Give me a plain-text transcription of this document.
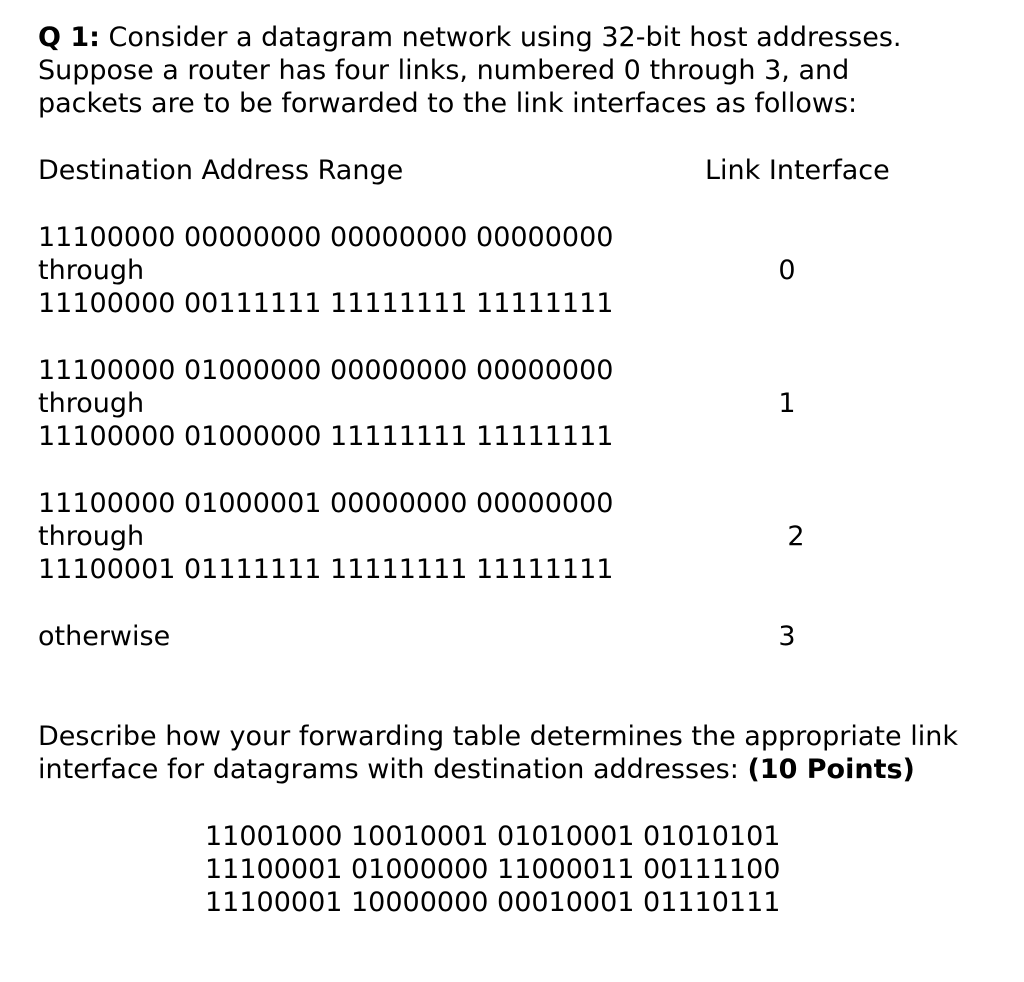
Q 1: Consider a datagram network using 32-bit host addresses.
Suppose a router has four links, numbered 0 through 3, and
packets are to be forwarded to the link interfaces as follows:
Destination Address Range	Link Interface
11100000 00000000 00000000 00000000
through
11100000 00111111 11111111 11111111
0
11100000 01000000 00000000 00000000
through
11100000 01000000 11111111 11111111
1
11100000 01000001 00000000 00000000
through
11100001 01111111 11111111 11111111
2
otherwise	3
Describe how your forwarding table determines the appropriate link
interface for datagrams with destination addresses: (10 Points)
11001000 10010001 01010001 01010101
11100001 01000000 11000011 00111100
11100001 10000000 00010001 01110111
